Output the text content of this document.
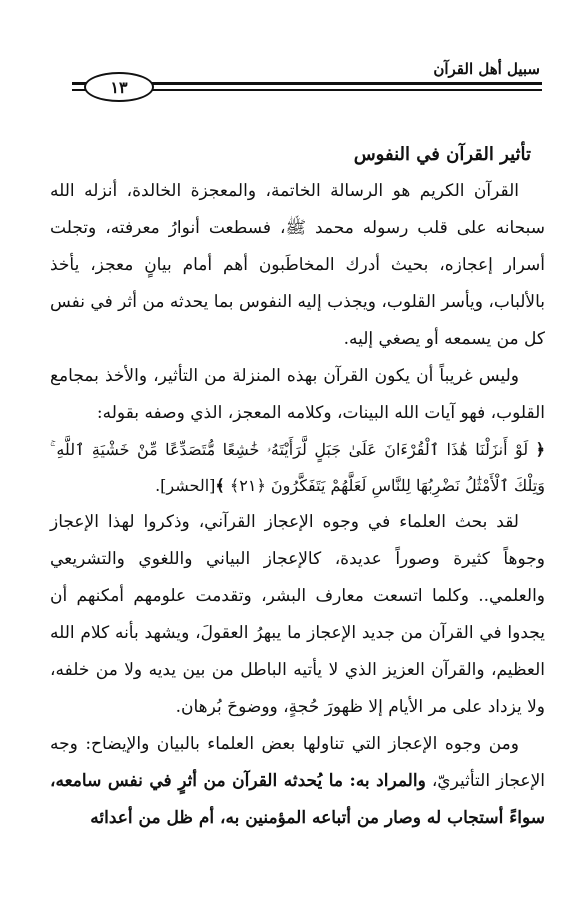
سبيل أهل القرآن
١٣

تأثير القرآن في النفوس

القرآن الكريم هو الرسالة الخاتمة، والمعجزة الخالدة، أنزله الله سبحانه على قلب رسوله محمد ﷺ، فسطعت أنوارُ معرفته، وتجلت أسرار إعجازه، بحيث أدرك المخاطَبون أهم أمام بيانٍ معجز، يأخذ بالألباب، ويأسر القلوب، ويجذب إليه النفوس بما يحدثه من أثر في نفس كل من يسمعه أو يصغي إليه.

وليس غريباً أن يكون القرآن بهذه المنزلة من التأثير، والأخذ بمجامع القلوب، فهو آيات الله البينات، وكلامه المعجز، الذي وصفه بقوله:

﴿ لَوْ أَنزَلْنَا هَٰذَا ٱلْقُرْءَانَ عَلَىٰ جَبَلٍ لَّرَأَيْتَهُۥ خَٰشِعًا مُّتَصَدِّعًا مِّنْ خَشْيَةِ ٱللَّهِ ۚ وَتِلْكَ ٱلْأَمْثَٰلُ نَضْرِبُهَا لِلنَّاسِ لَعَلَّهُمْ يَتَفَكَّرُونَ ﴿٢١﴾ ﴾[الحشر].

لقد بحث العلماء في وجوه الإعجاز القرآني، وذكروا لهذا الإعجاز وجوهاً كثيرة وصوراً عديدة، كالإعجاز البياني واللغوي والتشريعي والعلمي.. وكلما اتسعت معارف البشر، وتقدمت علومهم أمكنهم أن يجدوا في القرآن من جديد الإعجاز ما يبهرُ العقولَ، ويشهد بأنه كلام الله العظيم، والقرآن العزيز الذي لا يأتيه الباطل من بين يديه ولا من خلفه، ولا يزداد على مر الأيام إلا ظهورَ حُجةٍ، ووضوحَ بُرهان.

ومن وجوه الإعجاز التي تناولها بعض العلماء بالبيان والإيضاح: وجه الإعجاز التأثيريّ، والمراد به: ما يُحدثه القرآن من أثرٍ في نفس سامعه، سواءً أستجاب له وصار من أتباعه المؤمنين به، أم ظل من أعدائه
